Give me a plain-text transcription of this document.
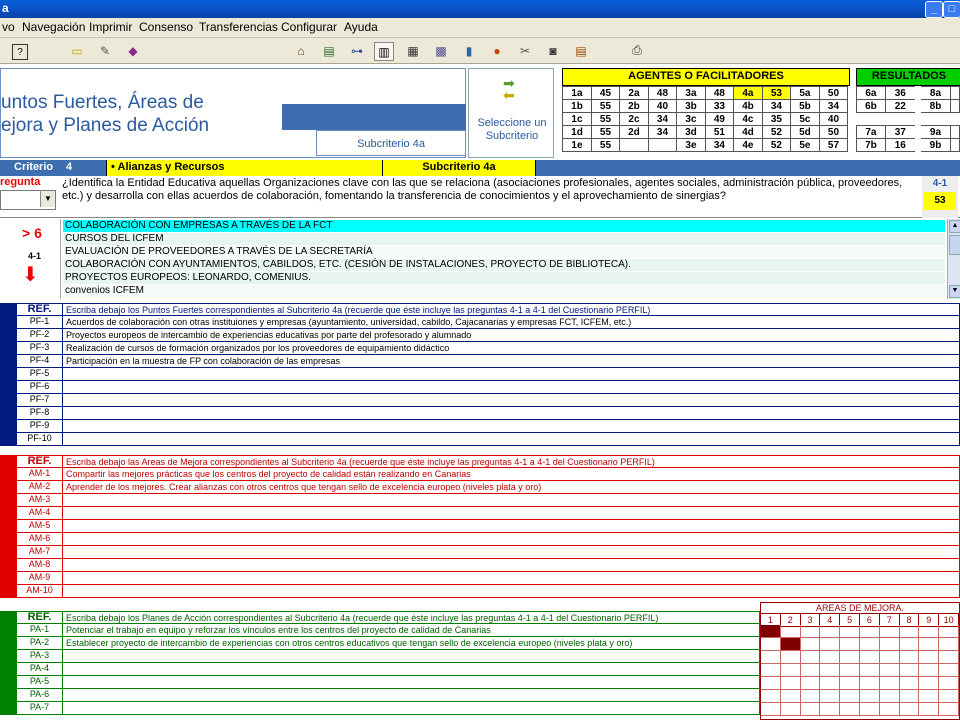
a	_	□
vo Navegación Imprimir Consenso Transferencias Configurar Ayuda
?	▭	✎	◆	⌂	▤ ⊶	▥	▦ ▩	▮	●	✂	◙	▤	⎙
untos Fuertes, Áreas de
ejora y Planes de Acción
Subcriterio 4a
➡
⬅
Seleccione un Subcriterio
AGENTES O FACILITADORES
1a	45	2a	48	3a	48	4a	53	5a	50
1b	55	2b	40	3b	33	4b	34	5b	34
1c	55	2c	34	3c	49	4c	35	5c	40
1d	55	2d	34	3d	51	4d	52	5d	50
1e	55			3e	34	4e	52	5e	57
RESULTADOS
6a	36	8a	
6b	22	8b	

7a	37	9a	
7b	16	9b	
Criterio 4	• Alianzas y Recursos	Subcriterio 4a
regunta
▼
¿Identifica la Entidad Educativa aquellas Organizaciones clave con las que se relaciona (asociaciones profesionales, agentes sociales, administración pública, proveedores, etc.) y desarrolla con ellas acuerdos de colaboración, fomentando la transferencia de conocimientos y el aprovechamiento de sinergias?
4-1
53
> 6
4-1
⬇
COLABORACIÓN CON EMPRESAS A TRAVÉS DE LA FCT
CURSOS DEL ICFEM
EVALUACIÓN DE PROVEEDORES A TRAVÉS DE LA SECRETARÍA
COLABORACIÓN CON AYUNTAMIENTOS, CABILDOS, ETC. (CESIÓN DE INSTALACIONES, PROYECTO DE BIBLIOTECA).
PROYECTOS EUROPEOS: LEONARDO, COMENIUS.
convenios ICFEM
▲
▼
REF.	Escriba debajo los Puntos Fuertes correspondientes al Subcriterio 4a (recuerde que éste incluye las preguntas 4-1 a 4-1 del Cuestionario PERFIL)
PF-1	Acuerdos de colaboración con otras instituiones y empresas (ayuntamiento, universidad, cabildo, Cajacanarias y empresas FCT, ICFEM, etc.)
PF-2	Proyectos europeos de intercambio de experiencias educativas por parte del profesorado y alumnado
PF-3	Realización de cursos de formación organizados por los proveedores de equipamiento didáctico
PF-4	Participación en la muestra de FP con colaboración de las empresas
PF-5
PF-6
PF-7
PF-8
PF-9
PF-10
REF.	Escriba debajo las Areas de Mejora correspondientes al Subcriterio 4a (recuerde que éste incluye las preguntas 4-1 a 4-1 del Cuestionario PERFIL)
AM-1	Compartir las mejores prácticas que los centros del proyecto de calidad están realizando en Canarias
AM-2	Aprender de los mejores. Crear alianzas con otros centros que tengan sello de excelencia europeo (niveles plata y oro)
AM-3
AM-4
AM-5
AM-6
AM-7
AM-8
AM-9
AM-10
REF.	Escriba debajo los Planes de Acción correspondientes al Subcriterio 4a (recuerde que éste incluye las preguntas 4-1 a 4-1 del Cuestionario PERFIL)
PA-1	Potenciar el trabajo en equipo y reforzar los vínculos entre los centros del proyecto de calidad de Canarias
PA-2	Establecer proyecto de intercambio de experiencias con otros centros educativos que tengan sello de excelencia europeo (niveles plata y oro)
PA-3
PA-4
PA-5
PA-6
PA-7
AREAS DE MEJORA.
1	2	3	4	5	6	7	8	9	10
